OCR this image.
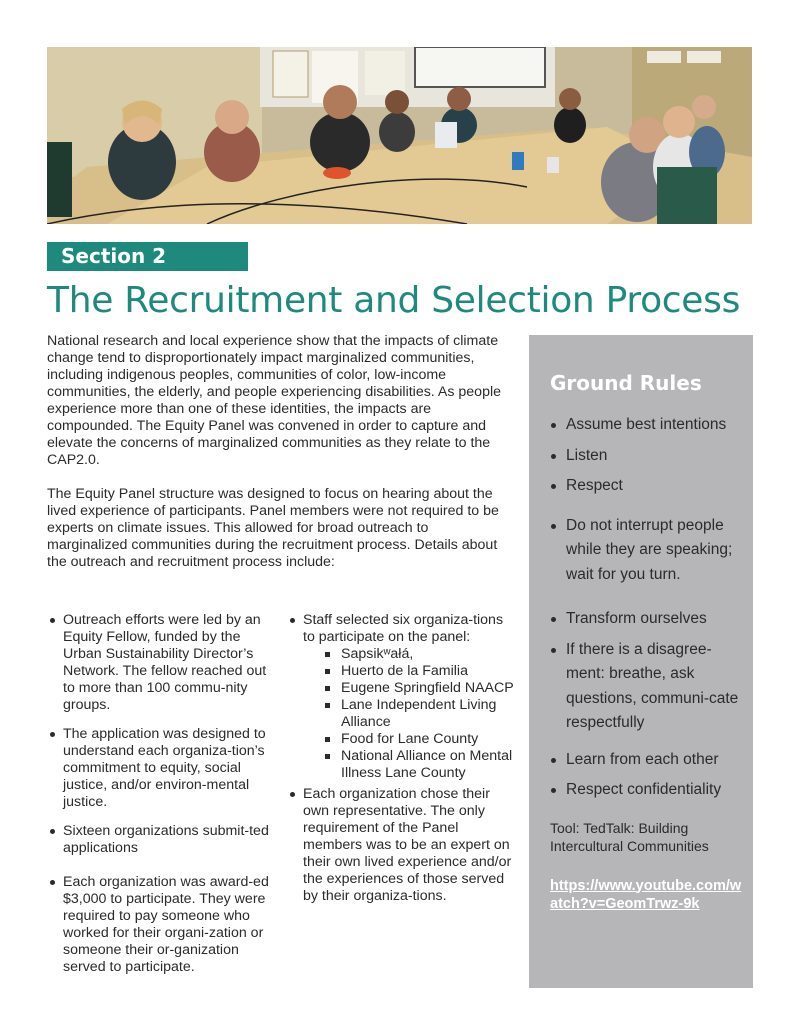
Section 2
The Recruitment and Selection Process

National research and local experience show that the impacts of climate change tend to disproportionately impact marginalized communities, including indigenous peoples, communities of color, low-income communities, the elderly, and people experiencing disabilities. As people experience more than one of these identities, the impacts are compounded. The Equity Panel was convened in order to capture and elevate the concerns of marginalized communities as they relate to the CAP2.0.

The Equity Panel structure was designed to focus on hearing about the lived experience of participants. Panel members were not required to be experts on climate issues. This allowed for broad outreach to marginalized communities during the recruitment process. Details about the outreach and recruitment process include:

Outreach efforts were led by an Equity Fellow, funded by the Urban Sustainability Director’s Network. The fellow reached out to more than 100 commu-nity groups.
The application was designed to understand each organiza-tion’s commitment to equity, social justice, and/or environ-mental justice.
Sixteen organizations submit-ted applications
Each organization was award-ed $3,000 to participate. They were required to pay someone who worked for their organi-zation or someone their or-ganization served to participate.
Staff selected six organiza-tions to participate on the panel:
Sapsikʷałá,
Huerto de la Familia
Eugene Springfield NAACP
Lane Independent Living Alliance
Food for Lane County
National Alliance on Mental Illness Lane County
Each organization chose their own representative. The only requirement of the Panel members was to be an expert on their own lived experience and/or the experiences of those served by their organiza-tions.
Ground Rules
Assume best intentions
Listen
Respect
Do not interrupt people while they are speaking; wait for you turn.
Transform ourselves
If there is a disagree-ment: breathe, ask questions, communi-cate respectfully
Learn from each other
Respect confidentiality

Tool: TedTalk: Building Intercultural Communities

https://www.youtube.com/watch?v=GeomTrwz-9k
